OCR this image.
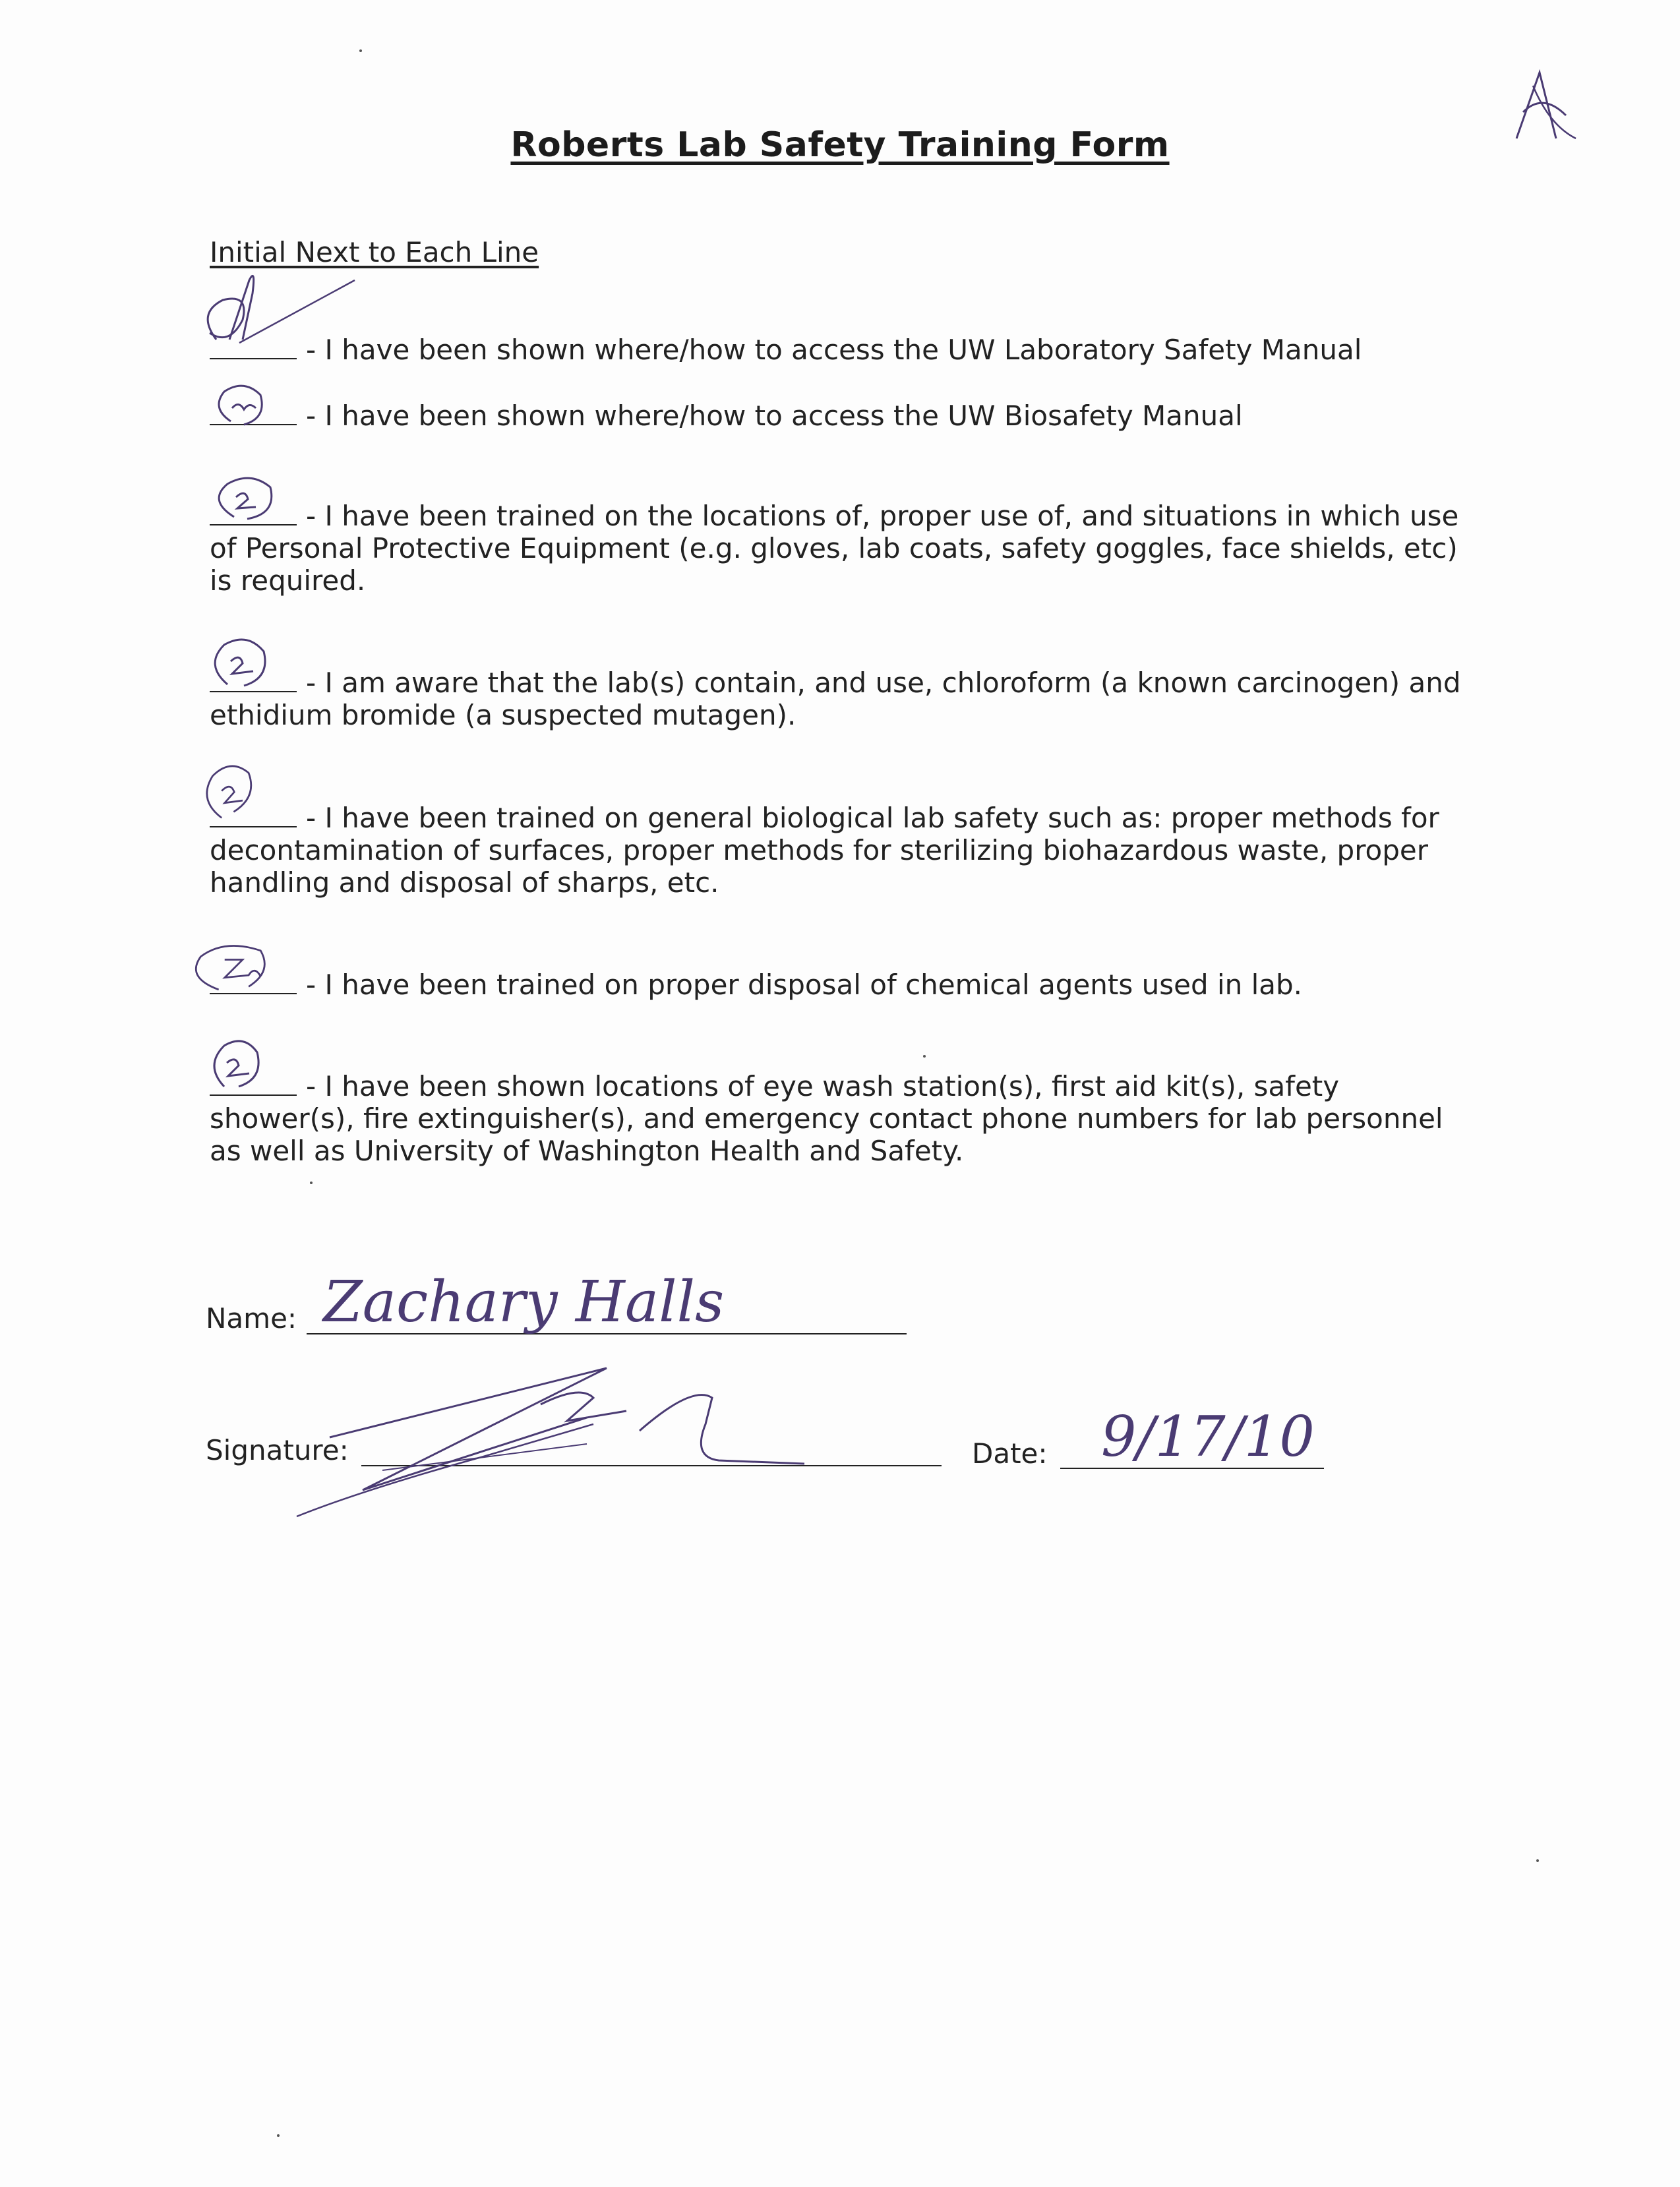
Roberts Lab Safety Training Form
Initial Next to Each Line
- I have been shown where/how to access the UW Laboratory Safety Manual
- I have been shown where/how to access the UW Biosafety Manual
- I have been trained on the locations of, proper use of, and situations in which use of Personal Protective Equipment (e.g. gloves, lab coats, safety goggles, face shields, etc) is required.
- I am aware that the lab(s) contain, and use, chloroform (a known carcinogen) and ethidium bromide (a suspected mutagen).
- I have been trained on general biological lab safety such as: proper methods for decontamination of surfaces, proper methods for sterilizing biohazardous waste, proper handling and disposal of sharps, etc.
- I have been trained on proper disposal of chemical agents used in lab.
- I have been shown locations of eye wash station(s), first aid kit(s), safety shower(s), fire extinguisher(s), and emergency contact phone numbers for lab personnel as well as University of Washington Health and Safety.
Name: Zachary Halls
Signature:	Date: 9/17/10
